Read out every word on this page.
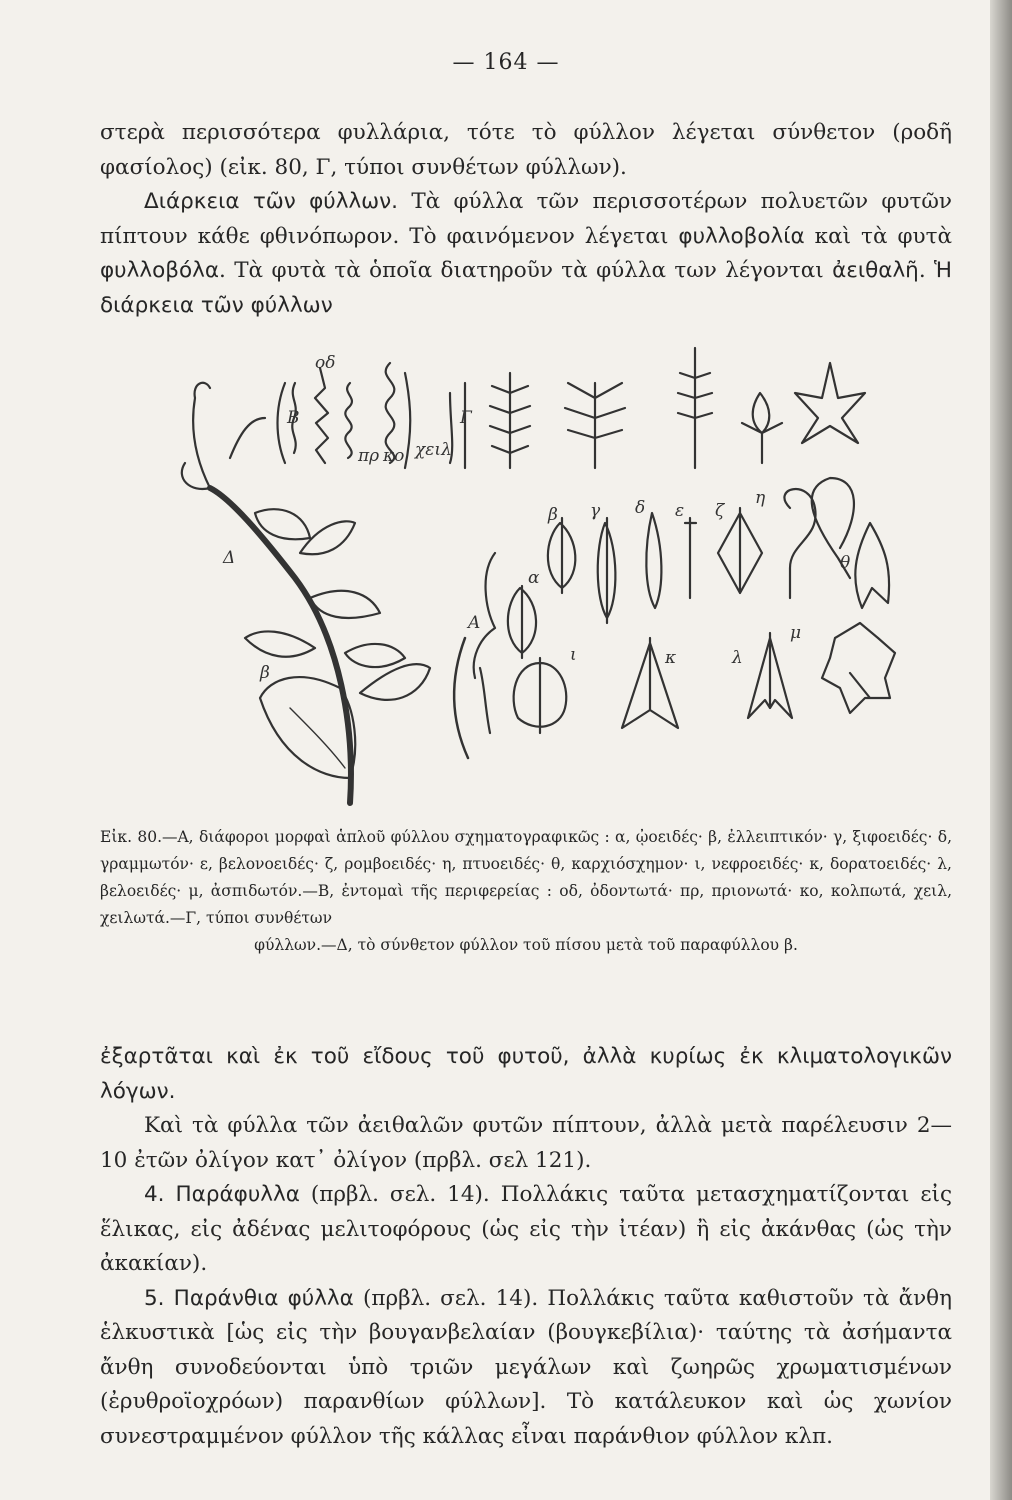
— 164 —

στερὰ περισσότερα φυλλάρια, τότε τὸ φύλλον λέγεται σύνθετον (ροδῆ φασίολος) (εἰκ. 80, Γ, τύποι συνθέτων φύλλων).

Διάρκεια τῶν φύλλων. Τὰ φύλλα τῶν περισσοτέρων πολυετῶν φυτῶν πίπτουν κάθε φθινόπωρον. Τὸ φαινόμενον λέγεται φυλλοβολία καὶ τὰ φυτὰ φυλλοβόλα. Τὰ φυτὰ τὰ ὁποῖα διατηροῦν τὰ φύλλα των λέγονται ἀειθαλῆ. Ἡ διάρκεια τῶν φύλλων

οδ
πρ κο χειλ
Β	Γ
Δ
Α
β
α
β γ δ ε ζ
η
θ
ι	κ	λ
μ

Εἰκ. 80.—Α, διάφοροι μορφαὶ ἁπλοῦ φύλλου σχηματογραφικῶς : α, ᾠοειδές· β, ἐλλειπτικόν· γ, ξιφοειδές· δ, γραμμωτόν· ε, βελονοειδές· ζ, ρομβοειδές· η, πτυοειδές· θ, καρχιόσχημον· ι, νεφροειδές· κ, δορατοειδές· λ, βελοειδές· μ, ἀσπιδωτόν.—Β, ἐντομαὶ τῆς περιφερείας : οδ, ὀδοντωτά· πρ, πριονωτά· κο, κολπωτά, χειλ, χειλωτά.—Γ, τύποι συνθέτων

φύλλων.—Δ, τὸ σύνθετον φύλλον τοῦ πίσου μετὰ τοῦ παραφύλλου β.

ἐξαρτᾶται καὶ ἐκ τοῦ εἴδους τοῦ φυτοῦ, ἀλλὰ κυρίως ἐκ κλιματολογικῶν λόγων.

Καὶ τὰ φύλλα τῶν ἀειθαλῶν φυτῶν πίπτουν, ἀλλὰ μετὰ παρέλευσιν 2—10 ἐτῶν ὀλίγον κατ᾽ ὀλίγον (πρβλ. σελ 121).

4. Παράφυλλα (πρβλ. σελ. 14). Πολλάκις ταῦτα μετασχηματίζονται εἰς ἕλικας, εἰς ἀδένας μελιτοφόρους (ὡς εἰς τὴν ἰτέαν) ἢ εἰς ἀκάνθας (ὡς τὴν ἀκακίαν).

5. Παράνθια φύλλα (πρβλ. σελ. 14). Πολλάκις ταῦτα καθιστοῦν τὰ ἄνθη ἑλκυστικὰ [ὡς εἰς τὴν βουγανβελαίαν (βουγκεβίλια)· ταύτης τὰ ἀσήμαντα ἄνθη συνοδεύονται ὑπὸ τριῶν μεγάλων καὶ ζωηρῶς χρωματισμένων (ἐρυθροϊοχρόων) παρανθίων φύλλων]. Τὸ κατάλευκον καὶ ὡς χωνίον συνεστραμμένον φύλλον τῆς κάλλας εἶναι παράνθιον φύλλον κλπ.
